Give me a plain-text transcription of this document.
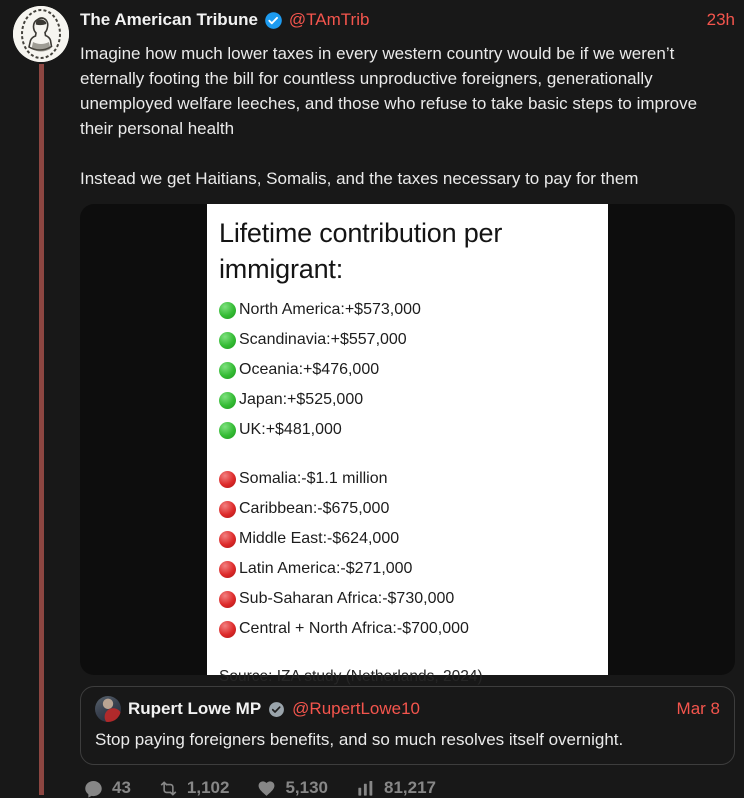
The American Tribune @TAmTrib	23h
Imagine how much lower taxes in every western country would be if we weren’t eternally footing the bill for countless unproductive foreigners, generationally unemployed welfare leeches, and those who refuse to take basic steps to improve their personal health
Instead we get Haitians, Somalis, and the taxes necessary to pay for them
Lifetime contribution per immigrant:
North America : +$573,000
Scandinavia : +$557,000
Oceania : +$476,000
Japan : +$525,000
UK : +$481,000
Somalia : -$1.1 million
Caribbean : -$675,000
Middle East : -$624,000
Latin America : -$271,000
Sub-Saharan Africa : -$730,000
Central + North Africa : -$700,000
Source: IZA study (Netherlands, 2024)
Rupert Lowe MP @RupertLowe10	Mar 8
Stop paying foreigners benefits, and so much resolves itself overnight.
43	1,102	5,130	81,217
